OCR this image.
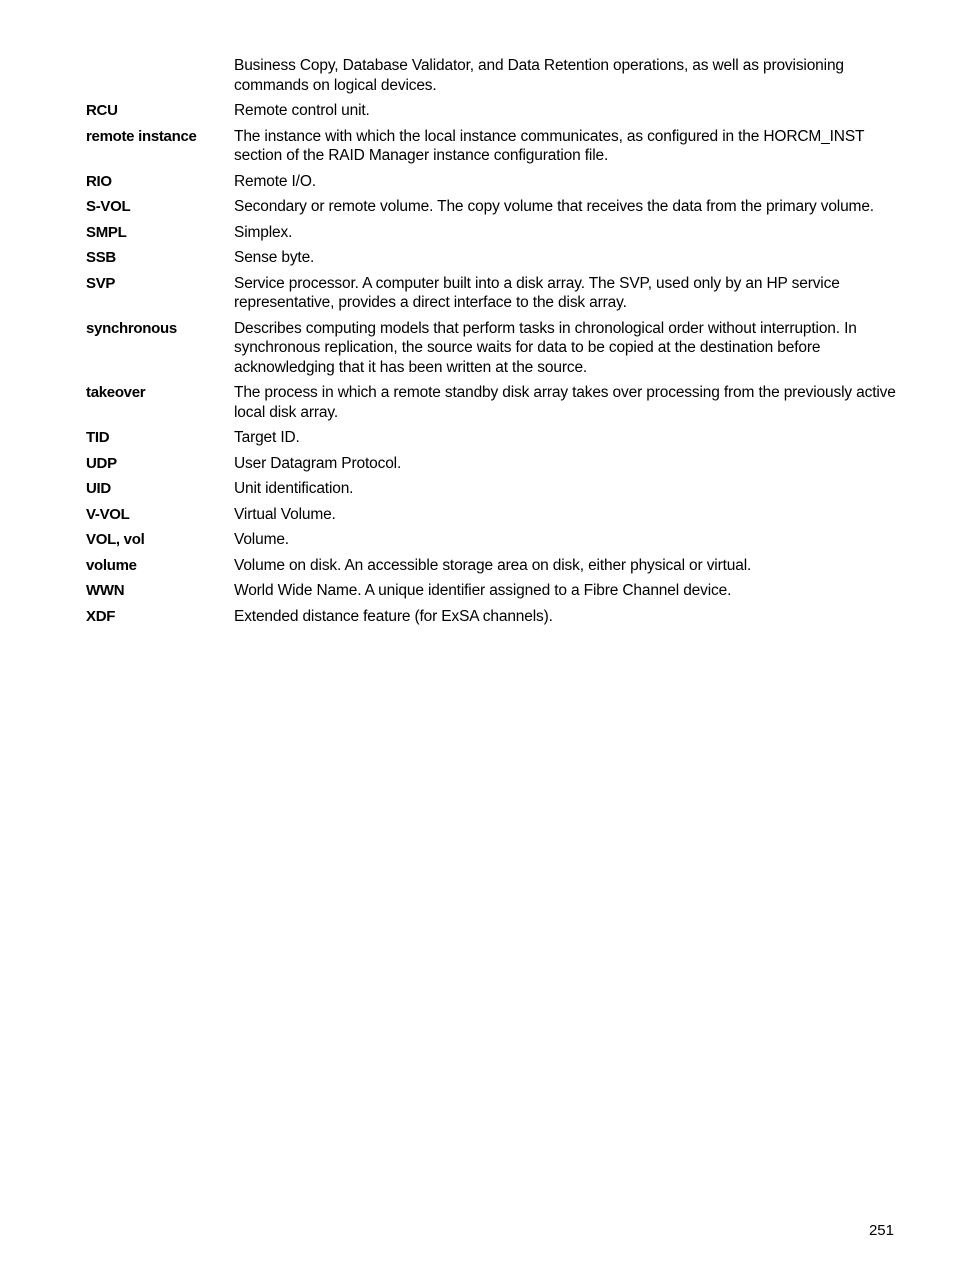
Business Copy, Database Validator, and Data Retention operations, as well as provisioning commands on logical devices.
RCU	Remote control unit.
remote instance	The instance with which the local instance communicates, as configured in the HORCM_INST section of the RAID Manager instance configuration file.
RIO	Remote I/O.
S-VOL	Secondary or remote volume. The copy volume that receives the data from the primary volume.
SMPL	Simplex.
SSB	Sense byte.
SVP	Service processor. A computer built into a disk array. The SVP, used only by an HP service representative, provides a direct interface to the disk array.
synchronous	Describes computing models that perform tasks in chronological order without interruption. In synchronous replication, the source waits for data to be copied at the destination before acknowledging that it has been written at the source.
takeover	The process in which a remote standby disk array takes over processing from the previously active local disk array.
TID	Target ID.
UDP	User Datagram Protocol.
UID	Unit identification.
V-VOL	Virtual Volume.
VOL, vol	Volume.
volume	Volume on disk. An accessible storage area on disk, either physical or virtual.
WWN	World Wide Name. A unique identifier assigned to a Fibre Channel device.
XDF	Extended distance feature (for ExSA channels).
251
